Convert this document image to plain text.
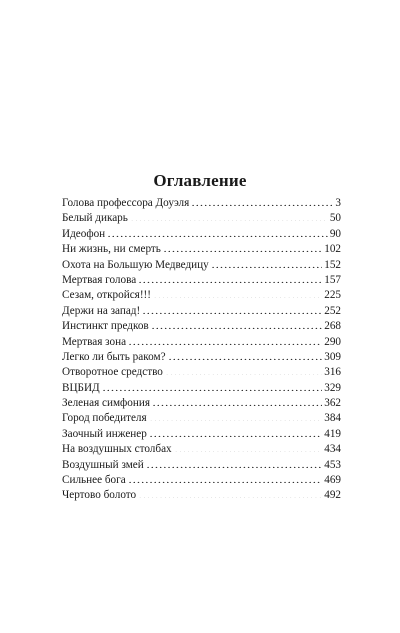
Оглавление
Голова профессора Доуэля	3
Белый дикарь	50
Идеофон	90
Ни жизнь, ни смерть	102
Охота на Большую Медведицу	152
Мертвая голова	157
Сезам, откройся!!!	225
Держи на запад!	252
Инстинкт предков	268
Мертвая зона	290
Легко ли быть раком?	309
Отворотное средство	316
ВЦБИД	329
Зеленая симфония	362
Город победителя	384
Заочный инженер	419
На воздушных столбах	434
Воздушный змей	453
Сильнее бога	469
Чертово болото	492
